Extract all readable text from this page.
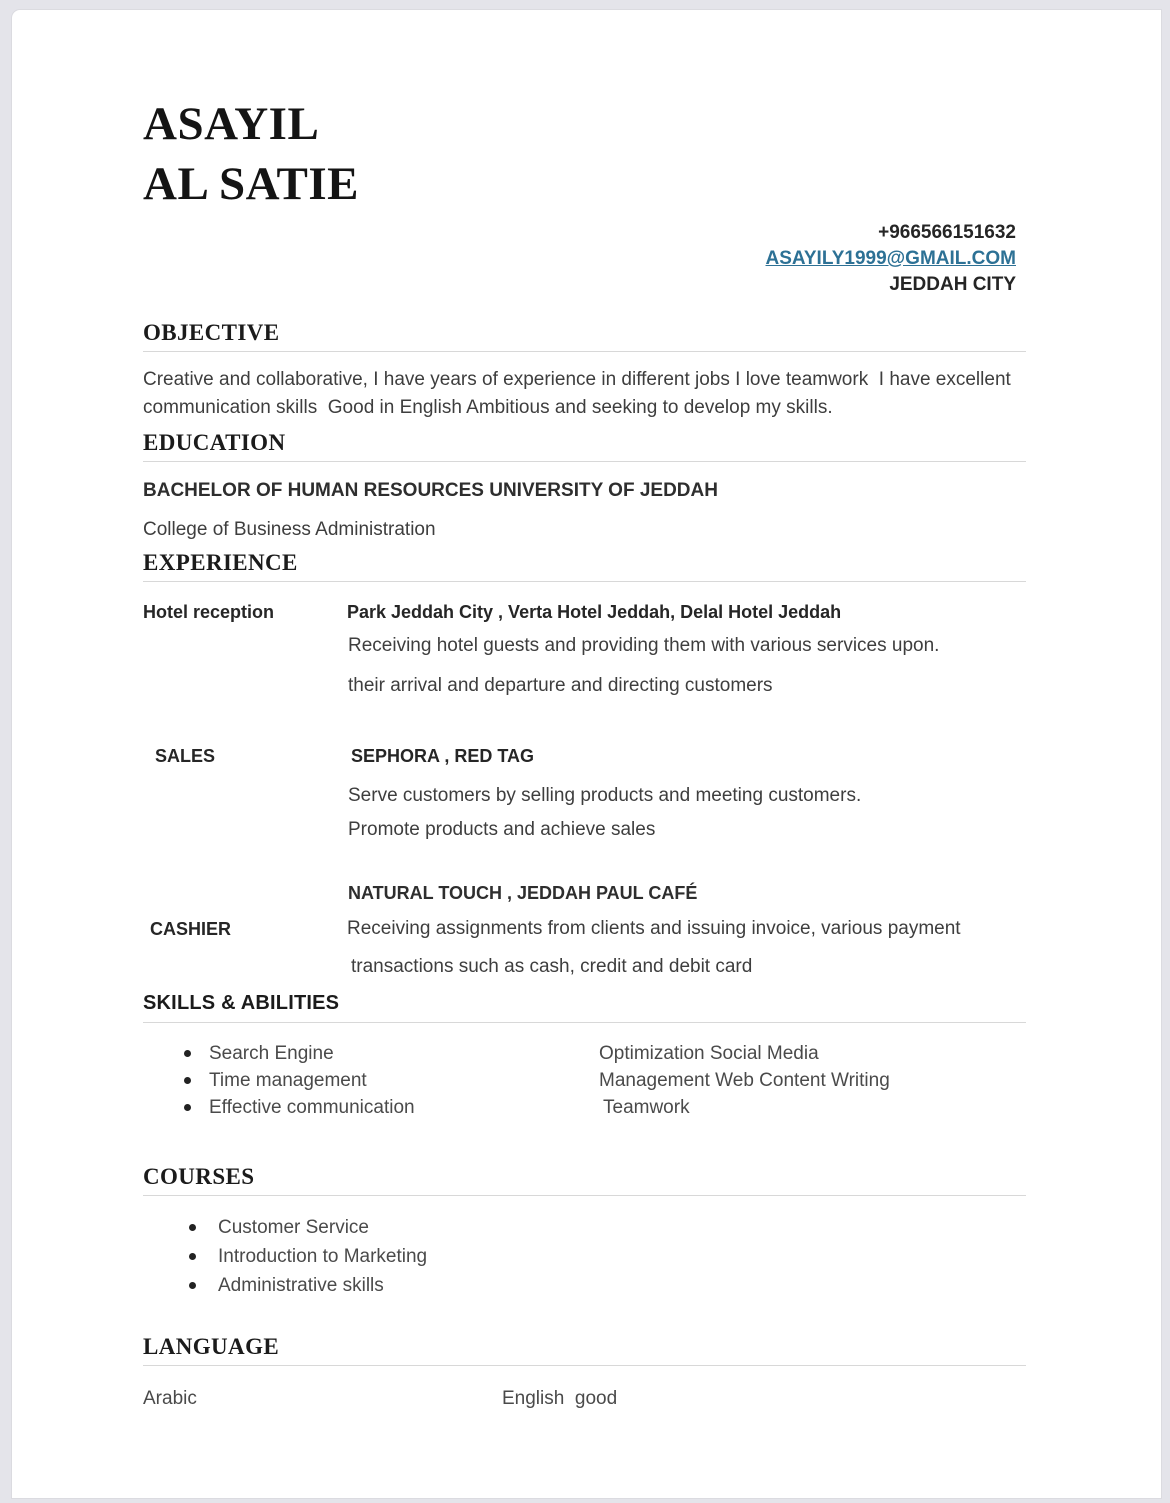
ASAYIL
AL SATIE
+966566151632
ASAYILY1999@GMAIL.COM
JEDDAH CITY
OBJECTIVE
Creative and collaborative, I have years of experience in different jobs I love teamwork  I have excellent communication skills  Good in English Ambitious and seeking to develop my skills.
EDUCATION
BACHELOR OF HUMAN RESOURCES UNIVERSITY OF JEDDAH
College of Business Administration
EXPERIENCE
Hotel reception	Park Jeddah City , Verta Hotel Jeddah, Delal Hotel Jeddah
Receiving hotel guests and providing them with various services upon.
their arrival and departure and directing customers
SALES	SEPHORA , RED TAG
Serve customers by selling products and meeting customers.
Promote products and achieve sales
NATURAL TOUCH , JEDDAH PAUL CAFÉ
CASHIER	Receiving assignments from clients and issuing invoice, various payment
transactions such as cash, credit and debit card
SKILLS & ABILITIES
Search Engine	Optimization Social Media
Time management	Management Web Content Writing
Effective communication	Teamwork
COURSES
Customer Service
Introduction to Marketing
Administrative skills
LANGUAGE
Arabic	English  good
